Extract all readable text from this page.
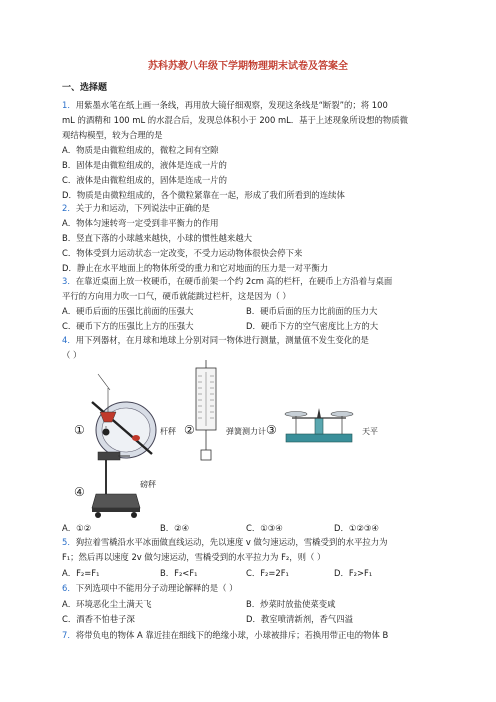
苏科苏教八年级下学期物理期末试卷及答案全
一、选择题
1．用紫墨水笔在纸上画一条线，再用放大镜仔细观察，发现这条线是“断裂”的；将 100
mL 的酒精和 100 mL 的水混合后，发现总体积小于 200 mL．基于上述现象所设想的物质微
观结构模型，较为合理的是
A．物质是由微粒组成的，微粒之间有空隙
B．固体是由微粒组成的，液体是连成一片的
C．液体是由微粒组成的，固体是连成一片的
D．物质是由微粒组成的，各个微粒紧靠在一起，形成了我们所看到的连续体
2．关于力和运动，下列说法中正确的是
A．物体匀速转弯一定受到非平衡力的作用
B．竖直下落的小球越来越快，小球的惯性越来越大
C．物体受到力运动状态一定改变，不受力运动物体很快会停下来
D．静止在水平地面上的物体所受的重力和它对地面的压力是一对平衡力
3．在靠近桌面上放一枚硬币，在硬币前架一个约 2cm 高的栏杆，在硬币上方沿着与桌面
平行的方向用力吹一口气，硬币就能跳过栏杆，这是因为（ ）
A．硬币后面的压强比前面的压强大	B．硬币后面的压力比前面的压力大
C．硬币下方的压强比上方的压强大	D．硬币下方的空气密度比上方的大
4．用下列器材，在月球和地球上分别对同一物体进行测量，测量值不发生变化的是
（ ）
①	杆秤 ②	弹簧测力计 ③	天平
④
磅秤
A．①②	B．②④	C．①③④	D．①②③④
5．狗拉着雪橇沿水平冰面做直线运动，先以速度 v 做匀速运动，雪橇受到的水平拉力为
F₁；然后再以速度 2v 做匀速运动，雪橇受到的水平拉力为 F₂，则（ ）
A．F₂=F₁	B．F₂<F₁	C．F₂=2F₁	D．F₂>F₁
6．下列选项中不能用分子动理论解释的是（ ）
A．环境恶化尘土满天飞	B．炒菜时放盐使菜变咸
C．酒香不怕巷子深	D．教室喷清新剂，香气四溢
7．将带负电的物体 A 靠近挂在细线下的绝缘小球，小球被排斥；若换用带正电的物体 B
